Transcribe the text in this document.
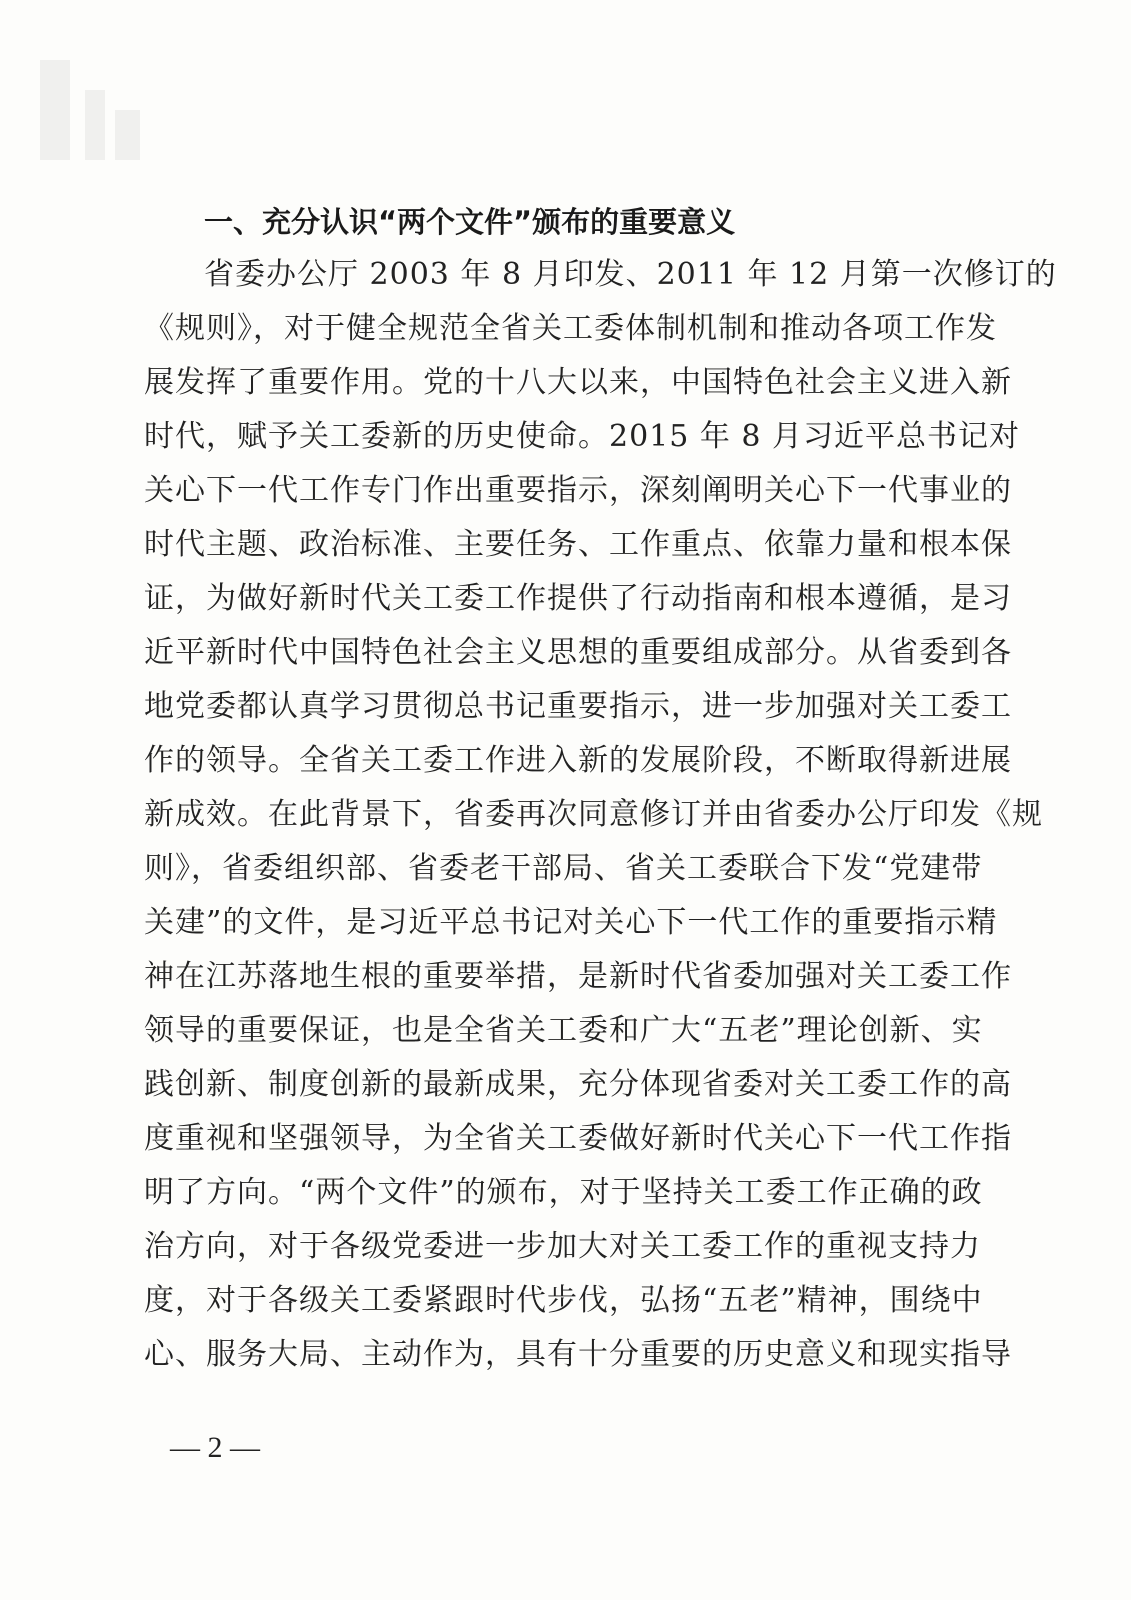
一、充分认识“两个文件”颁布的重要意义
省委办公厅 2003 年 8 月印发、2011 年 12 月第一次修订的
《规则》，对于健全规范全省关工委体制机制和推动各项工作发
展发挥了重要作用。党的十八大以来，中国特色社会主义进入新
时代，赋予关工委新的历史使命。2015 年 8 月习近平总书记对
关心下一代工作专门作出重要指示，深刻阐明关心下一代事业的
时代主题、政治标准、主要任务、工作重点、依靠力量和根本保
证，为做好新时代关工委工作提供了行动指南和根本遵循，是习
近平新时代中国特色社会主义思想的重要组成部分。从省委到各
地党委都认真学习贯彻总书记重要指示，进一步加强对关工委工
作的领导。全省关工委工作进入新的发展阶段，不断取得新进展
新成效。在此背景下，省委再次同意修订并由省委办公厅印发《规
则》，省委组织部、省委老干部局、省关工委联合下发“党建带
关建”的文件，是习近平总书记对关心下一代工作的重要指示精
神在江苏落地生根的重要举措，是新时代省委加强对关工委工作
领导的重要保证，也是全省关工委和广大“五老”理论创新、实
践创新、制度创新的最新成果，充分体现省委对关工委工作的高
度重视和坚强领导，为全省关工委做好新时代关心下一代工作指
明了方向。“两个文件”的颁布，对于坚持关工委工作正确的政
治方向，对于各级党委进一步加大对关工委工作的重视支持力
度，对于各级关工委紧跟时代步伐，弘扬“五老”精神，围绕中
心、服务大局、主动作为，具有十分重要的历史意义和现实指导
— 2 —
